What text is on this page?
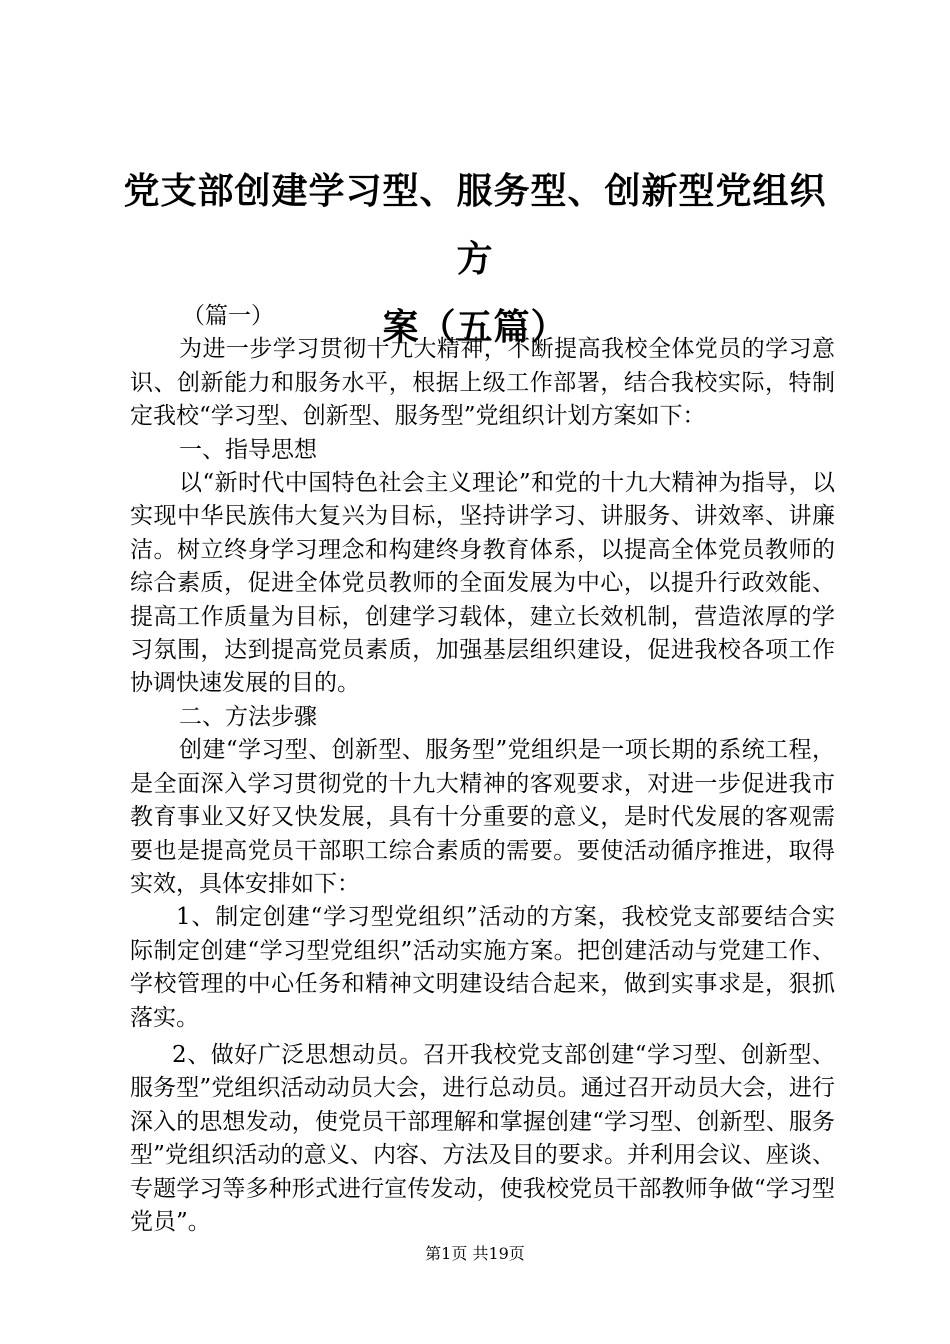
党支部创建学习型、服务型、创新型党组织方
案（五篇）

（篇一）

为进一步学习贯彻十九大精神，不断提高我校全体党员的学习意识、创新能力和服务水平，根据上级工作部署，结合我校实际，特制定我校“学习型、创新型、服务型”党组织计划方案如下：

一、指导思想

以“新时代中国特色社会主义理论”和党的十九大精神为指导，以实现中华民族伟大复兴为目标，坚持讲学习、讲服务、讲效率、讲廉洁。树立终身学习理念和构建终身教育体系，以提高全体党员教师的综合素质，促进全体党员教师的全面发展为中心，以提升行政效能、提高工作质量为目标，创建学习载体，建立长效机制，营造浓厚的学习氛围，达到提高党员素质，加强基层组织建设，促进我校各项工作协调快速发展的目的。

二、方法步骤

创建“学习型、创新型、服务型”党组织是一项长期的系统工程，是全面深入学习贯彻党的十九大精神的客观要求，对进一步促进我市教育事业又好又快发展，具有十分重要的意义，是时代发展的客观需要也是提高党员干部职工综合素质的需要。要使活动循序推进，取得实效，具体安排如下：

1、制定创建“学习型党组织”活动的方案，我校党支部要结合实际制定创建“学习型党组织”活动实施方案。把创建活动与党建工作、学校管理的中心任务和精神文明建设结合起来，做到实事求是，狠抓落实。

2、做好广泛思想动员。召开我校党支部创建“学习型、创新型、服务型”党组织活动动员大会，进行总动员。通过召开动员大会，进行深入的思想发动，使党员干部理解和掌握创建“学习型、创新型、服务型”党组织活动的意义、内容、方法及目的要求。并利用会议、座谈、专题学习等多种形式进行宣传发动，使我校党员干部教师争做“学习型党员”。

第1页 共19页
